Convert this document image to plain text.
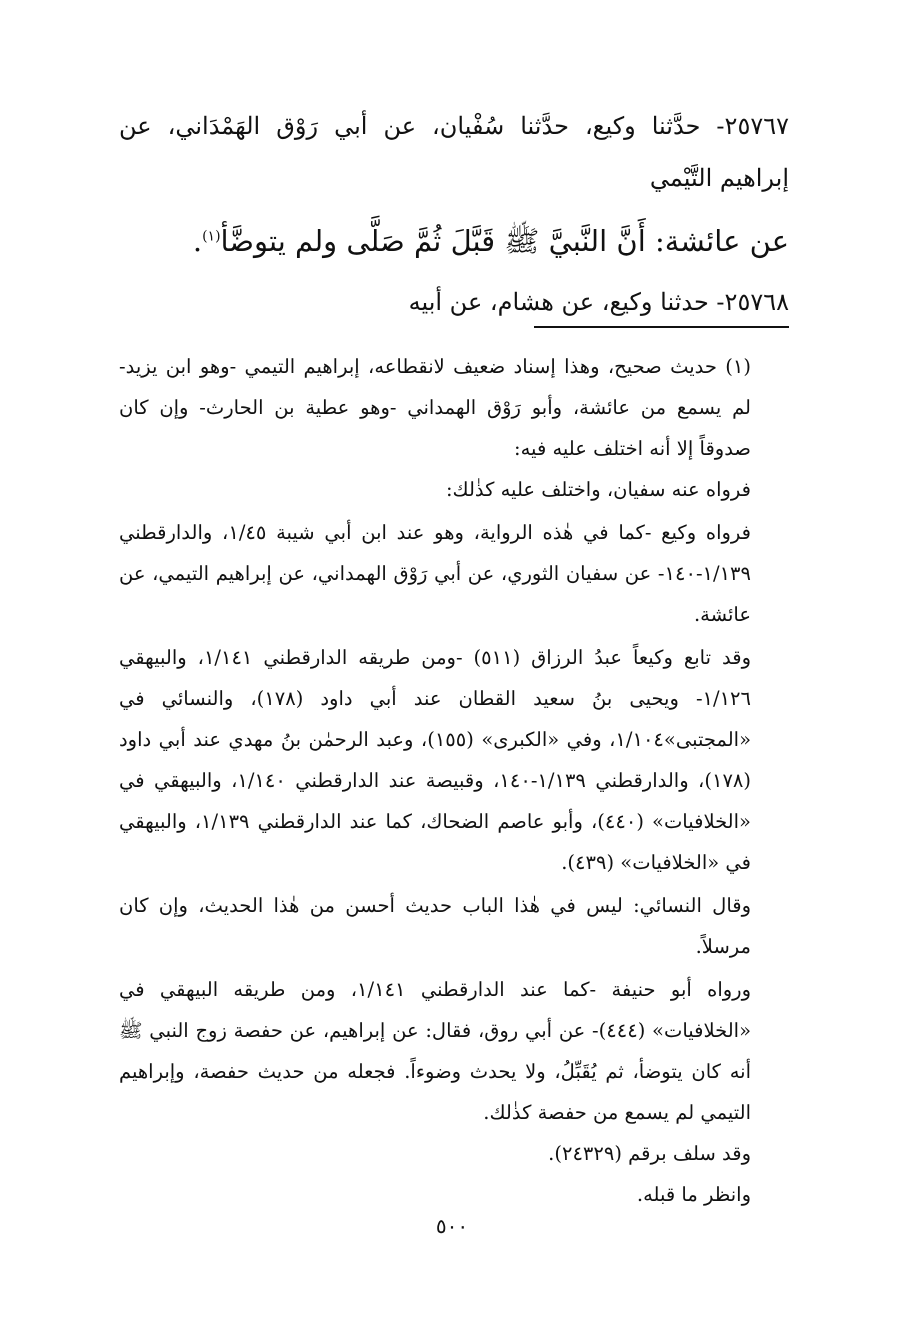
٢٥٧٦٧- حدَّثنا وكيع، حدَّثنا سُفْيان، عن أبي رَوْق الهَمْدَاني، عن إبراهيم التَّيْمي

عن عائشة: أَنَّ النَّبيَّ ﷺ قَبَّلَ ثُمَّ صَلَّى ولم يتوضَّأ$^{(١)}$.

٢٥٧٦٨- حدثنا وكيع، عن هشام، عن أبيه

(١) حديث صحيح، وهذا إسناد ضعيف لانقطاعه، إبراهيم التيمي -وهو ابن يزيد- لم يسمع من عائشة، وأبو رَوْق الهمداني -وهو عطية بن الحارث- وإن كان صدوقاً إلا أنه اختلف عليه فيه:

فرواه عنه سفيان، واختلف عليه كذٰلك:

فرواه وكيع -كما في هٰذه الرواية، وهو عند ابن أبي شيبة ١/٤٥، والدارقطني ١/١٣٩-١٤٠- عن سفيان الثوري، عن أبي رَوْق الهمداني، عن إبراهيم التيمي، عن عائشة.

وقد تابع وكيعاً عبدُ الرزاق (٥١١) -ومن طريقه الدارقطني ١/١٤١، والبيهقي ١/١٢٦- ويحيى بنُ سعيد القطان عند أبي داود (١٧٨)، والنسائي في «المجتبى»١/١٠٤، وفي «الكبرى» (١٥٥)، وعبد الرحمٰن بنُ مهدي عند أبي داود (١٧٨)، والدارقطني ١/١٣٩-١٤٠، وقبيصة عند الدارقطني ١/١٤٠، والبيهقي في «الخلافيات» (٤٤٠)، وأبو عاصم الضحاك، كما عند الدارقطني ١/١٣٩، والبيهقي في «الخلافيات» (٤٣٩).

وقال النسائي: ليس في هٰذا الباب حديث أحسن من هٰذا الحديث، وإن كان مرسلاً.

ورواه أبو حنيفة -كما عند الدارقطني ١/١٤١، ومن طريقه البيهقي في «الخلافيات» (٤٤٤)- عن أبي روق، فقال: عن إبراهيم، عن حفصة زوج النبي ﷺ أنه كان يتوضأ، ثم يُقَبِّلُ، ولا يحدث وضوءاً. فجعله من حديث حفصة، وإبراهيم التيمي لم يسمع من حفصة كذٰلك.

وقد سلف برقم (٢٤٣٢٩).

وانظر ما قبله.

٥٠٠
